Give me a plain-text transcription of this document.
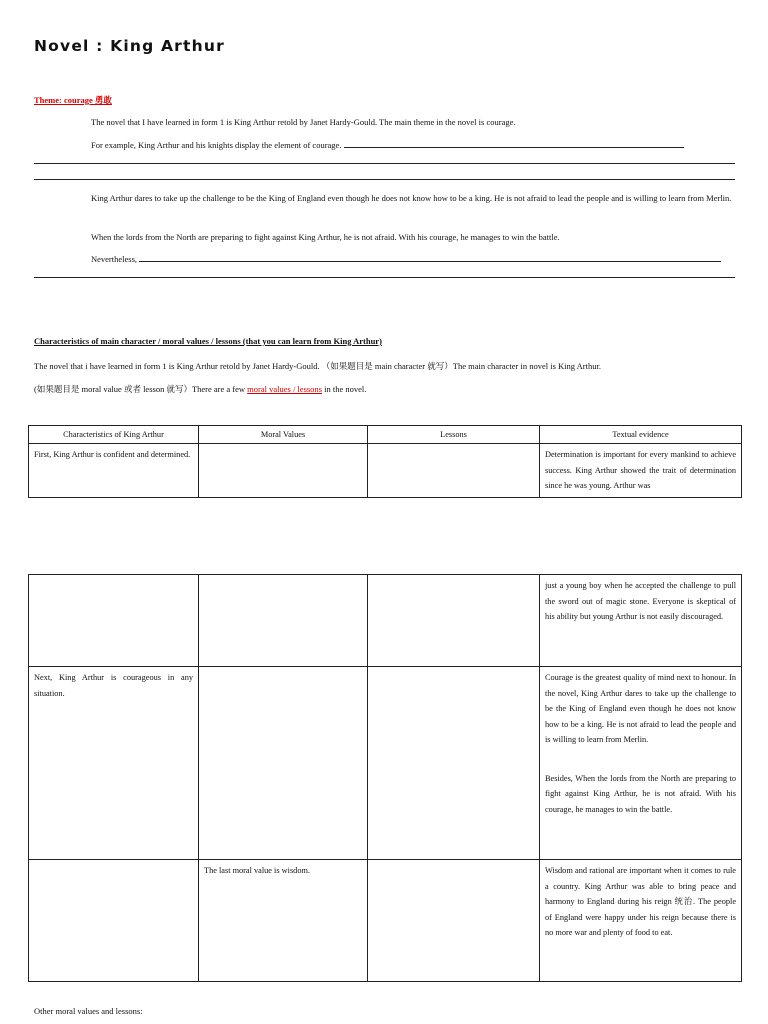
Novel : King Arthur
Theme: courage 勇敢
The novel that I have learned in form 1 is King Arthur retold by Janet Hardy-Gould. The main theme in the novel is courage.
For example, King Arthur and his knights display the element of courage.
King Arthur dares to take up the challenge to be the King of England even though he does not know how to be a king. He is not afraid to lead the people and is willing to learn from Merlin.
When the lords from the North are preparing to fight against King Arthur, he is not afraid. With his courage, he manages to win the battle.
Nevertheless,
Characteristics of main character / moral values / lessons (that you can learn from King Arthur)
The novel that i have learned in form 1 is King Arthur retold by Janet Hardy-Gould. （如果题目是 main character 就写）The main character in novel is King Arthur.
(如果题目是 moral value 或者 lesson 就写）There are a few moral values / lessons in the novel.
Characteristics of King Arthur	Moral Values	Lessons	Textual evidence
First, King Arthur is confident and determined.			Determination is important for every mankind to achieve success. King Arthur showed the trait of determination since he was young. Arthur was
			just a young boy when he accepted the challenge to pull the sword out of magic stone. Everyone is skeptical of his ability but young Arthur is not easily discouraged.
Next, King Arthur is courageous in any situation.			Courage is the greatest quality of mind next to honour. In the novel, King Arthur dares to take up the challenge to be the King of England even though he does not know how to be a king. He is not afraid to lead the people and is willing to learn from Merlin.
Besides, When the lords from the North are preparing to fight against King Arthur, he is not afraid. With his courage, he manages to win the battle.

	The last moral value is wisdom.		Wisdom and rational are important when it comes to rule a country. King Arthur was able to bring peace and harmony to England during his reign 统治. The people of England were happy under his reign because there is no more war and plenty of food to eat.
Other moral values and lessons:
